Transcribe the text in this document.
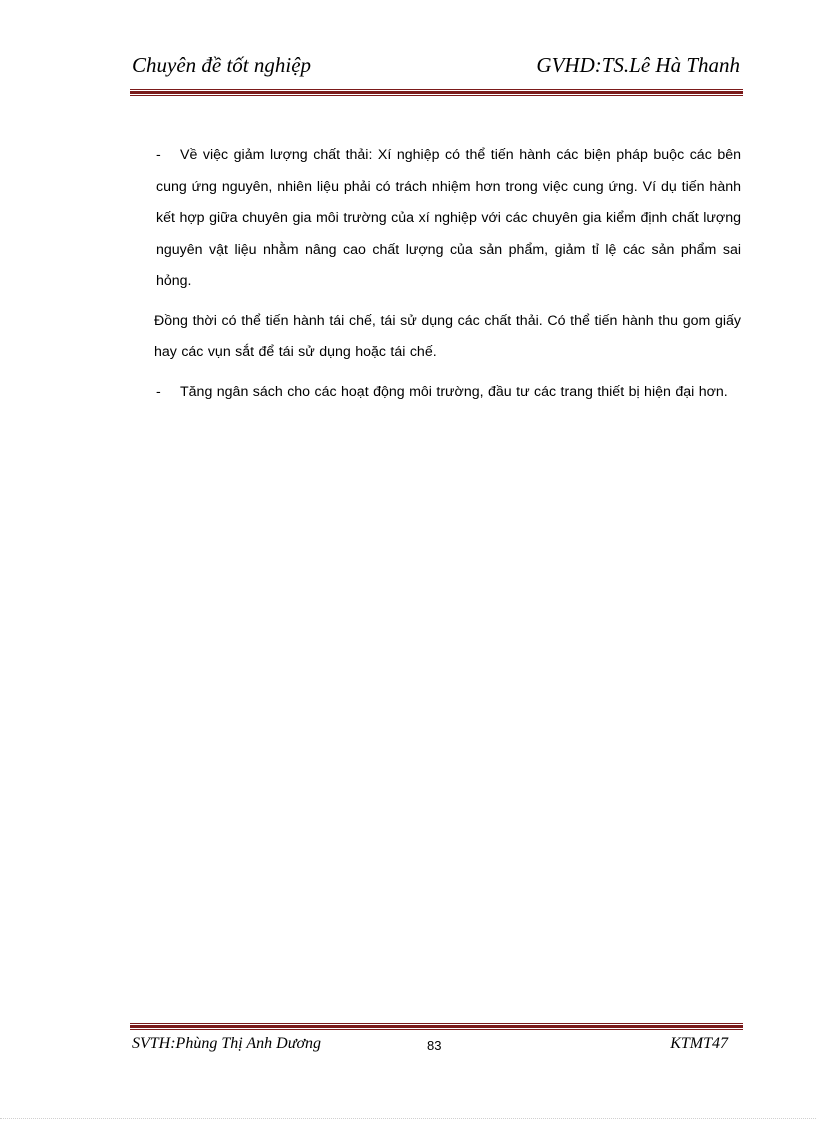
Chuyên đề tốt nghiệp	GVHD:TS.Lê Hà Thanh

- Về việc giảm lượng chất thải: Xí nghiệp có thể tiến hành các biện pháp buộc các bên cung ứng nguyên, nhiên liệu phải có trách nhiệm hơn trong việc cung ứng. Ví dụ tiến hành kết hợp giữa chuyên gia môi trường của xí nghiệp với các chuyên gia kiểm định chất lượng nguyên vật liệu nhằm nâng cao chất lượng của sản phẩm, giảm tỉ lệ các sản phẩm sai hỏng.

Đồng thời có thể tiến hành tái chế, tái sử dụng các chất thải. Có thể tiến hành thu gom giấy hay các vụn sắt để tái sử dụng hoặc tái chế.

- Tăng ngân sách cho các hoạt động môi trường, đầu tư các trang thiết bị hiện đại hơn.

SVTH:Phùng Thị Anh Dương	83	KTMT47
